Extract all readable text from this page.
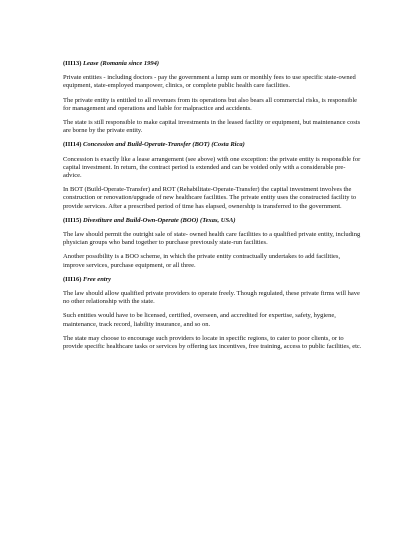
(III13) Lease (Romania since 1994)

Private entities - including doctors - pay the government a lump sum or monthly fees to use specific state-owned equipment, state-employed manpower, clinics, or complete public health care facilities.

The private entity is entitled to all revenues from its operations but also bears all commercial risks, is responsible for management and operations and liable for malpractice and accidents.

The state is still responsible to make capital investments in the leased facility or equipment, but maintenance costs are borne by the private entity.

(III14) Concession and Build-Operate-Transfer (BOT) (Costa Rica)

Concession is exactly like a lease arrangement (see above) with one exception: the private entity is responsible for capital investment. In return, the contract period is extended and can be voided only with a considerable pre-advice.

In BOT (Build-Operate-Transfer) and ROT (Rehabilitate-Operate-Transfer) the capital investment involves the construction or renovation/upgrade of new healthcare facilities. The private entity uses the constructed facility to provide services. After a prescribed period of time has elapsed, ownership is transferred to the government.

(III15) Divestiture and Build-Own-Operate (BOO) (Texas, USA)

The law should permit the outright sale of state- owned health care facilities to a qualified private entity, including physician groups who band together to purchase previously state-run facilities.

Another possibility is a BOO scheme, in which the private entity contractually undertakes to add facilities, improve services, purchase equipment, or all three.

(III16) Free entry

The law should allow qualified private providers to operate freely. Though regulated, these private firms will have no other relationship with the state.

Such entities would have to be licensed, certified, overseen, and accredited for expertise, safety, hygiene, maintenance, track record, liability insurance, and so on.

The state may choose to encourage such providers to locate in specific regions, to cater to poor clients, or to provide specific healthcare tasks or services by offering tax incentives, free training, access to public facilities, etc.
